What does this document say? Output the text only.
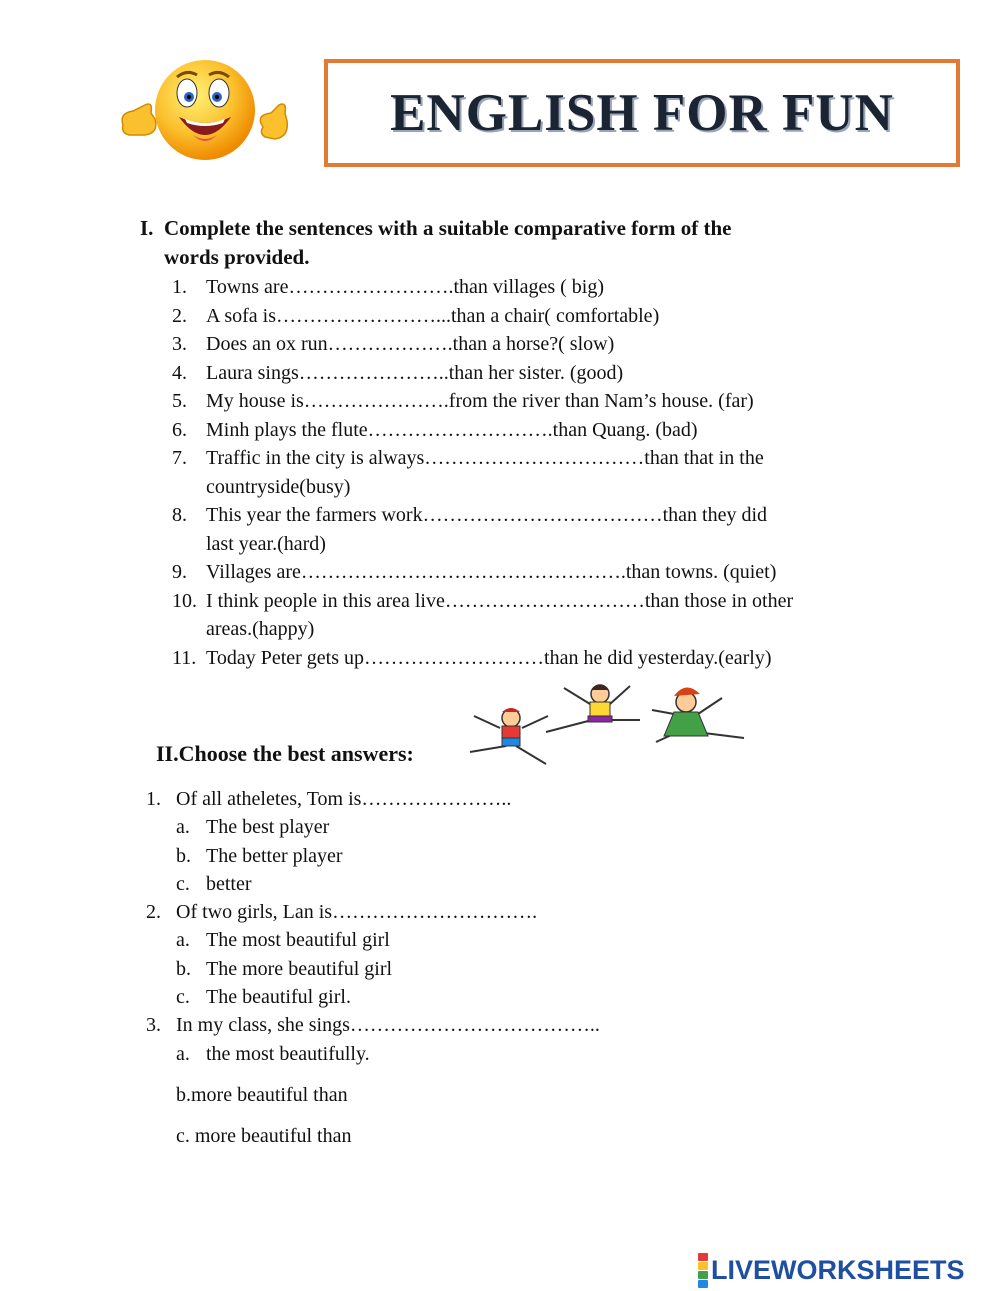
ENGLISH FOR FUN
I. Complete the sentences with a suitable comparative form of the
words provided.
1. Towns are…………………….than villages ( big)
2. A sofa is……………………...than a chair( comfortable)
3. Does an ox run……………….than a horse?( slow)
4. Laura sings…………………..than her sister. (good)
5. My house is………………….from the river than Nam’s house. (far)
6. Minh plays the flute……………………….than Quang. (bad)
7. Traffic in the city is always……………………………than that in the
countryside(busy)
8. This year the farmers work………………………………than they did
last year.(hard)
9. Villages are………………………………………….than towns. (quiet)
10. I think people in this area live…………………………than those in other
areas.(happy)
11. Today Peter gets up………………………than he did yesterday.(early)
II.Choose the best answers:
1. Of all atheletes, Tom is…………………..
a. The best player
b. The better player
c. better
2. Of two girls, Lan is………………………….
a. The most beautiful girl
b. The more beautiful girl
c. The beautiful girl.
3. In my class, she sings………………………………..
a. the most beautifully.
b.more beautiful than
c. more beautiful than
LIVEWORKSHEETS
